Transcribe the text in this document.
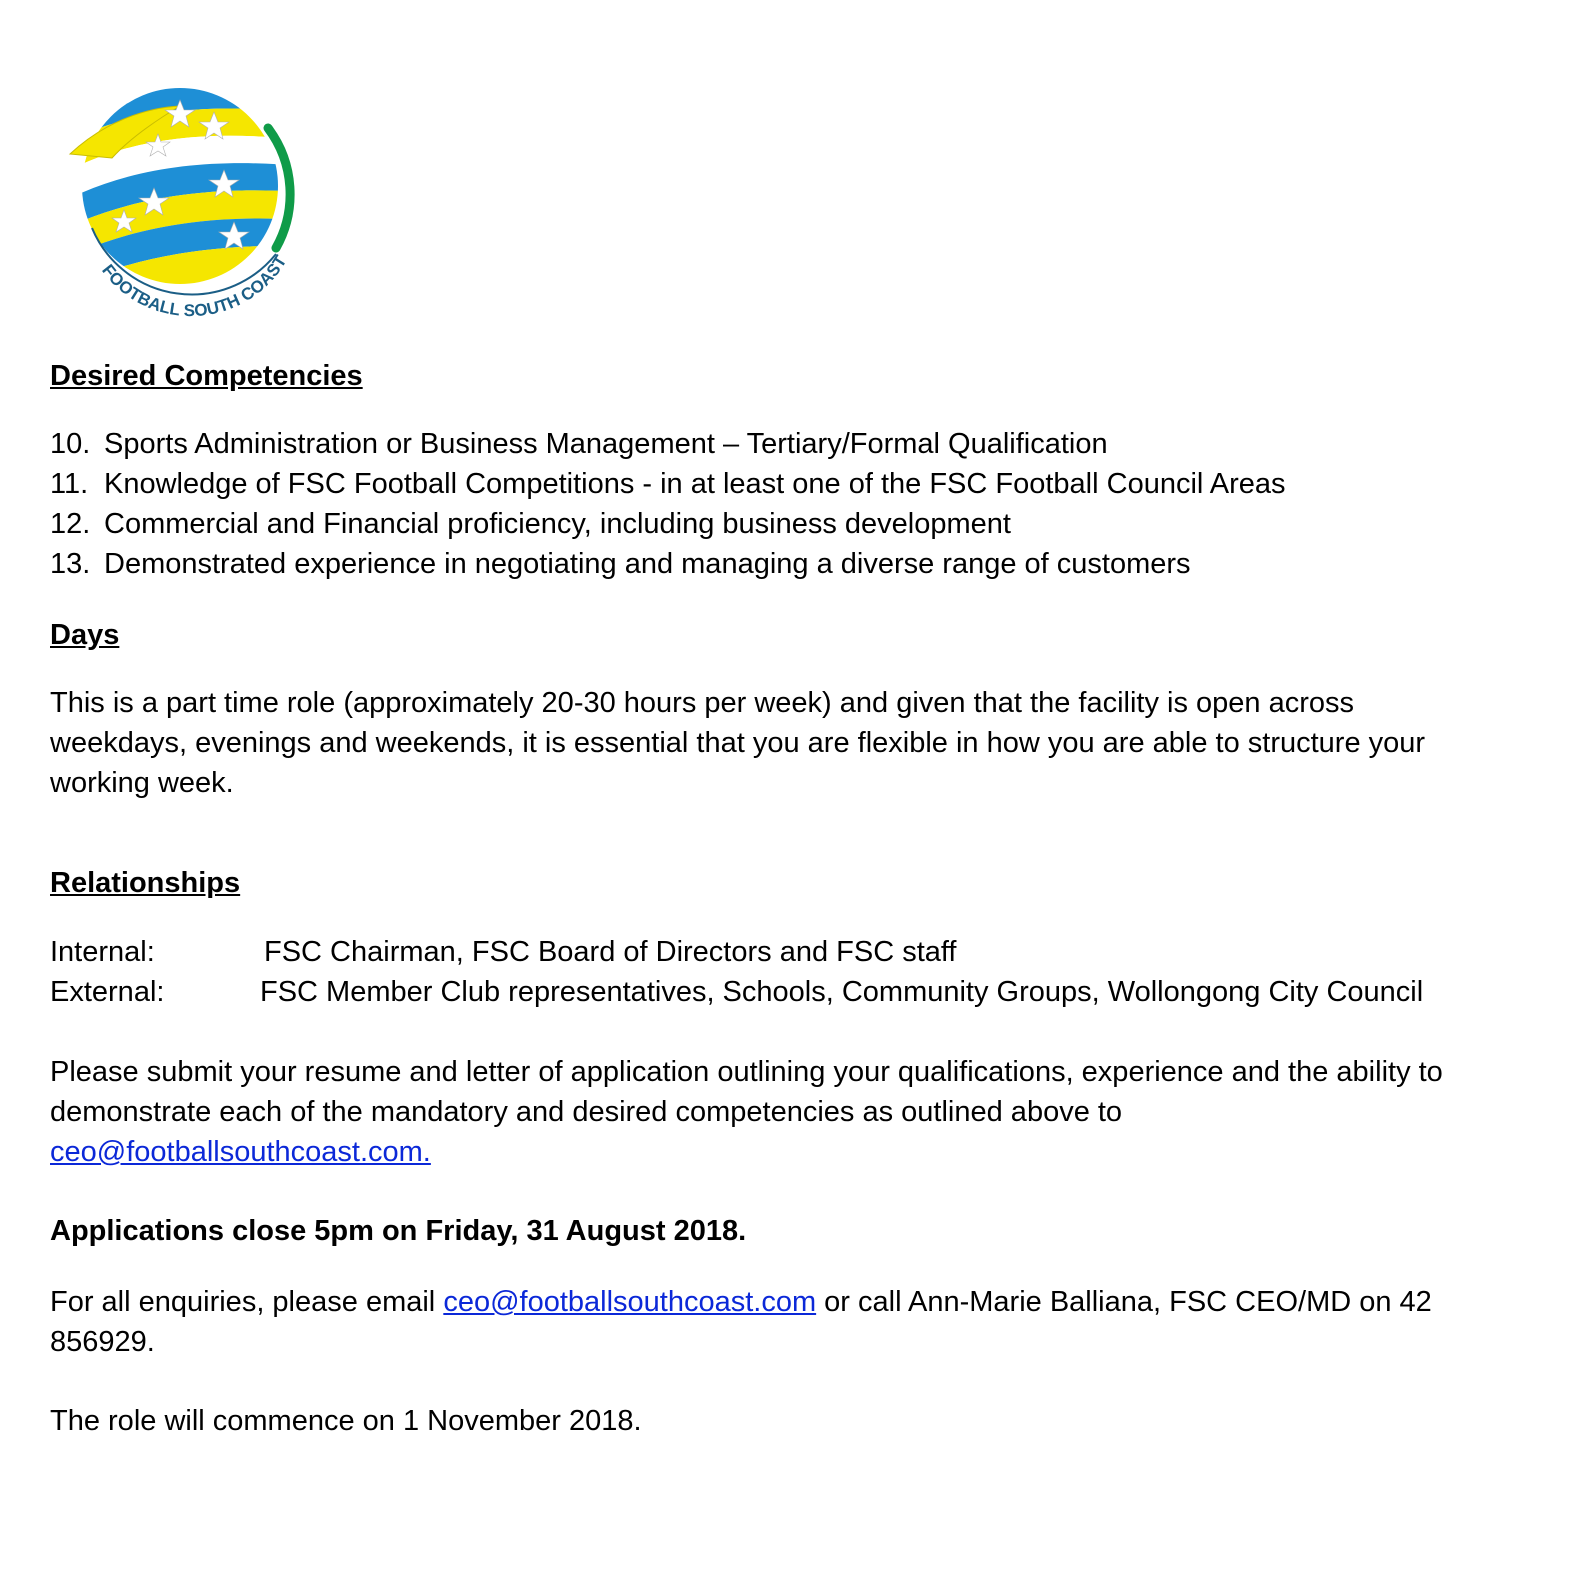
FOOTBALL SOUTH COAST
Desired Competencies
10. Sports Administration or Business Management – Tertiary/Formal Qualification
11. Knowledge of FSC Football Competitions - in at least one of the FSC Football Council Areas
12. Commercial and Financial proficiency, including business development
13. Demonstrated experience in negotiating and managing a diverse range of customers
Days
This is a part time role (approximately 20-30 hours per week) and given that the facility is open across weekdays, evenings and weekends, it is essential that you are flexible in how you are able to structure your working week.
Relationships
Internal:	FSC Chairman, FSC Board of Directors and FSC staff
External:	FSC Member Club representatives, Schools, Community Groups, Wollongong City Council
Please submit your resume and letter of application outlining your qualifications, experience and the ability to demonstrate each of the mandatory and desired competencies as outlined above to
ceo@footballsouthcoast.com.
Applications close 5pm on Friday, 31 August 2018.
For all enquiries, please email ceo@footballsouthcoast.com or call Ann-Marie Balliana, FSC CEO/MD on 42 856929.
The role will commence on 1 November 2018.
